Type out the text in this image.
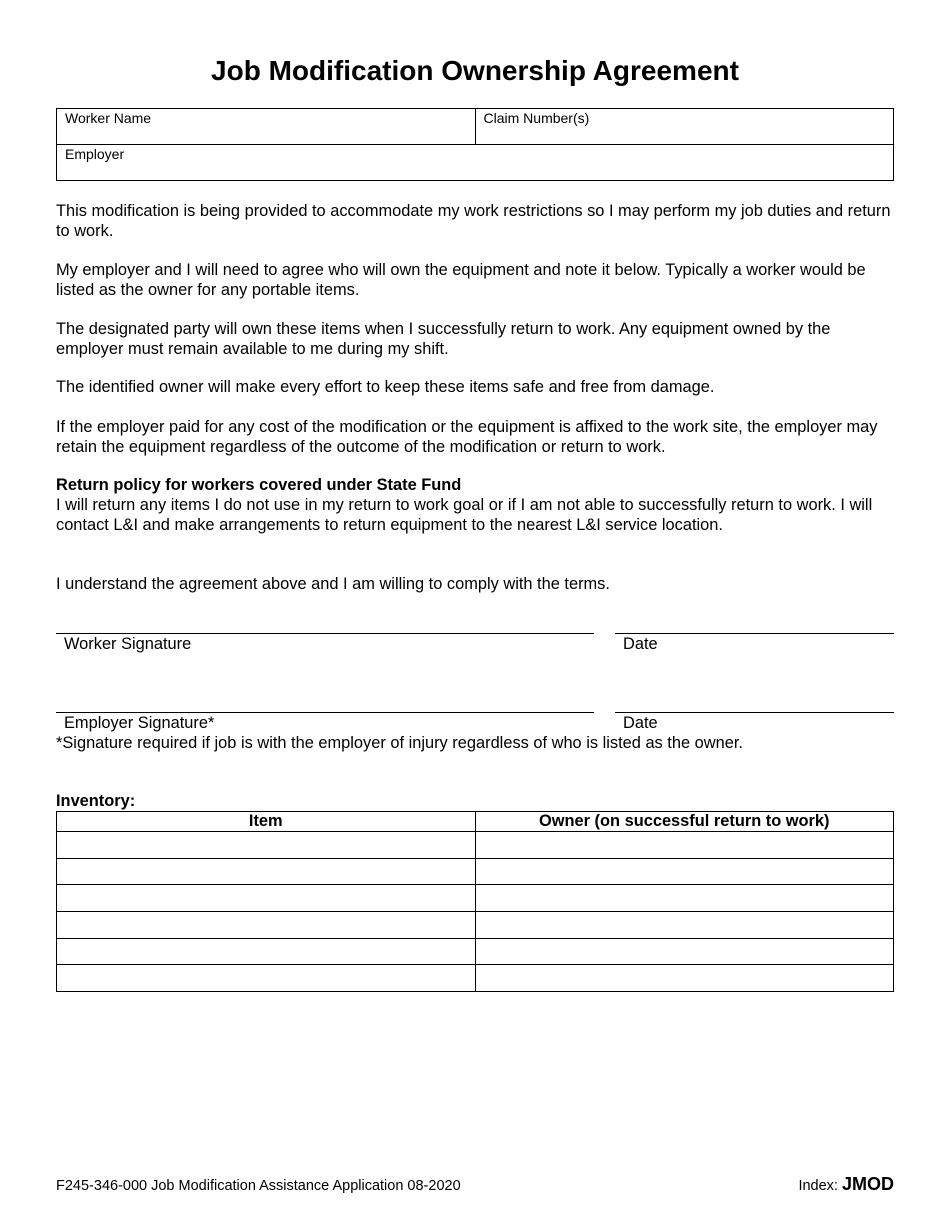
Job Modification Ownership Agreement
Worker Name	Claim Number(s)

Employer

This modification is being provided to accommodate my work restrictions so I may perform my job duties and return to work.

My employer and I will need to agree who will own the equipment and note it below. Typically a worker would be listed as the owner for any portable items.

The designated party will own these items when I successfully return to work. Any equipment owned by the employer must remain available to me during my shift.

The identified owner will make every effort to keep these items safe and free from damage.

If the employer paid for any cost of the modification or the equipment is affixed to the work site, the employer may retain the equipment regardless of the outcome of the modification or return to work.

Return policy for workers covered under State Fund

I will return any items I do not use in my return to work goal or if I am not able to successfully return to work. I will contact L&I and make arrangements to return equipment to the nearest L&I service location.

I understand the agreement above and I am willing to comply with the terms.

Worker Signature	Date
Employer Signature*	Date
*Signature required if job is with the employer of injury regardless of who is listed as the owner.
Inventory:
Item	Owner (on successful return to work)

F245-346-000 Job Modification Assistance Application 08-2020	Index: JMOD
